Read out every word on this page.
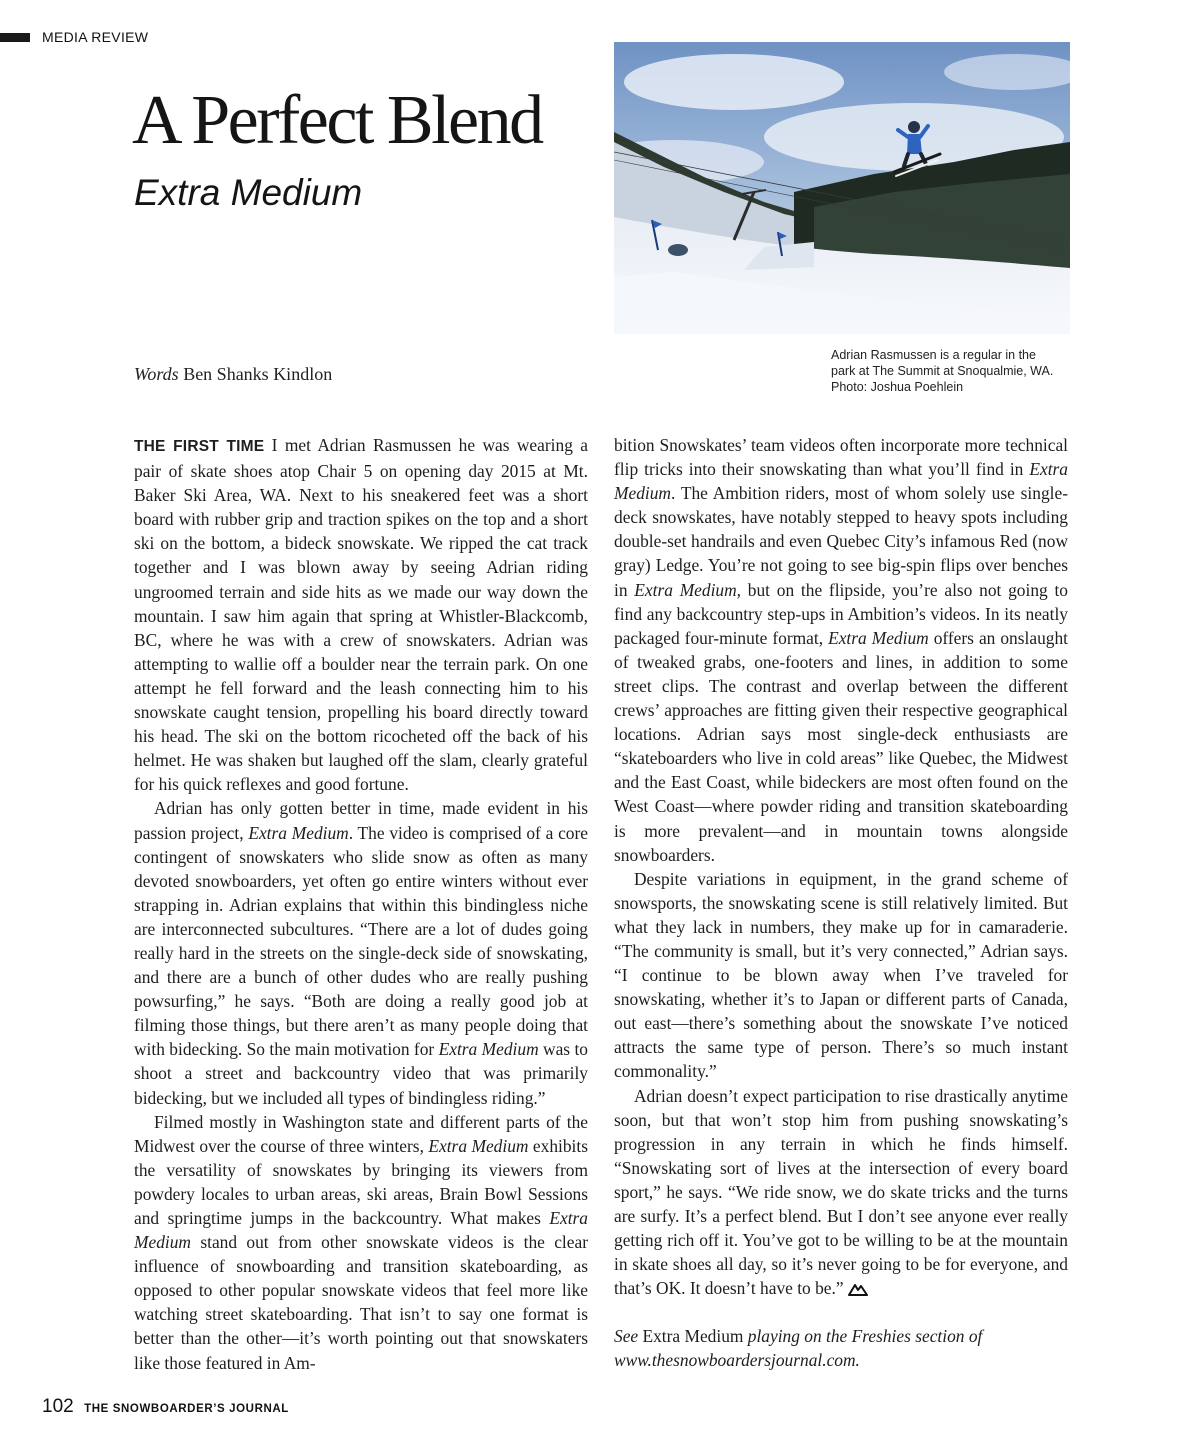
MEDIA REVIEW
A Perfect Blend
Extra Medium
Words Ben Shanks Kindlon
Adrian Rasmussen is a regular in the
park at The Summit at Snoqualmie, WA.
Photo: Joshua Poehlein

THE FIRST TIME I met Adrian Rasmussen he was wearing a pair of skate shoes atop Chair 5 on opening day 2015 at Mt. Baker Ski Area, WA. Next to his sneakered feet was a short board with rubber grip and traction spikes on the top and a short ski on the bottom, a bideck snowskate. We ripped the cat track together and I was blown away by seeing Adrian riding ungroomed terrain and side hits as we made our way down the mountain. I saw him again that spring at Whistler-Blackcomb, BC, where he was with a crew of snowskaters. Adrian was attempting to wallie off a boulder near the terrain park. On one attempt he fell forward and the leash connecting him to his snowskate caught tension, propelling his board directly toward his head. The ski on the bottom ricocheted off the back of his helmet. He was shaken but laughed off the slam, clearly grateful for his quick reflexes and good fortune.

Adrian has only gotten better in time, made evident in his passion project, Extra Medium. The video is comprised of a core contingent of snowskaters who slide snow as often as many devoted snowboarders, yet often go entire winters without ever strapping in. Adrian explains that within this bindingless niche are interconnected subcultures. “There are a lot of dudes going really hard in the streets on the single-deck side of snowskating, and there are a bunch of other dudes who are really pushing powsurfing,” he says. “Both are doing a really good job at filming those things, but there aren’t as many people doing that with bidecking. So the main motivation for Extra Medium was to shoot a street and backcountry video that was primarily bidecking, but we included all types of bindingless riding.”

Filmed mostly in Washington state and different parts of the Midwest over the course of three winters, Extra Medium exhibits the versatility of snowskates by bringing its viewers from powdery locales to urban areas, ski areas, Brain Bowl Sessions and springtime jumps in the backcountry. What makes Extra Medium stand out from other snowskate videos is the clear influence of snowboarding and transition skateboarding, as opposed to other popular snowskate videos that feel more like watching street skateboarding. That isn’t to say one format is better than the other—it’s worth pointing out that snowskaters like those featured in Am-

bition Snowskates’ team videos often incorporate more technical flip tricks into their snowskating than what you’ll find in Extra Medium. The Ambition riders, most of whom solely use single-deck snowskates, have notably stepped to heavy spots including double-set handrails and even Quebec City’s infamous Red (now gray) Ledge. You’re not going to see big-spin flips over benches in Extra Medium, but on the flipside, you’re also not going to find any backcountry step-ups in Ambition’s videos. In its neatly packaged four-minute format, Extra Medium offers an onslaught of tweaked grabs, one-footers and lines, in addition to some street clips. The contrast and overlap between the different crews’ approaches are fitting given their respective geographical locations. Adrian says most single-deck enthusiasts are “skateboarders who live in cold areas” like Quebec, the Midwest and the East Coast, while bideckers are most often found on the West Coast—where powder riding and transition skateboarding is more prevalent—and in mountain towns alongside snowboarders.

Despite variations in equipment, in the grand scheme of snowsports, the snowskating scene is still relatively limited. But what they lack in numbers, they make up for in camaraderie. “The community is small, but it’s very connected,” Adrian says. “I continue to be blown away when I’ve traveled for snowskating, whether it’s to Japan or different parts of Canada, out east—there’s something about the snowskate I’ve noticed attracts the same type of person. There’s so much instant commonality.”

Adrian doesn’t expect participation to rise drastically anytime soon, but that won’t stop him from pushing snowskating’s progression in any terrain in which he finds himself. “Snowskating sort of lives at the intersection of every board sport,” he says. “We ride snow, we do skate tricks and the turns are surfy. It’s a perfect blend. But I don’t see anyone ever really getting rich off it. You’ve got to be willing to be at the mountain in skate shoes all day, so it’s never going to be for everyone, and that’s OK. It doesn’t have to be.”

See Extra Medium playing on the Freshies section of www.thesnowboardersjournal.com.

102 THE SNOWBOARDER’S JOURNAL
